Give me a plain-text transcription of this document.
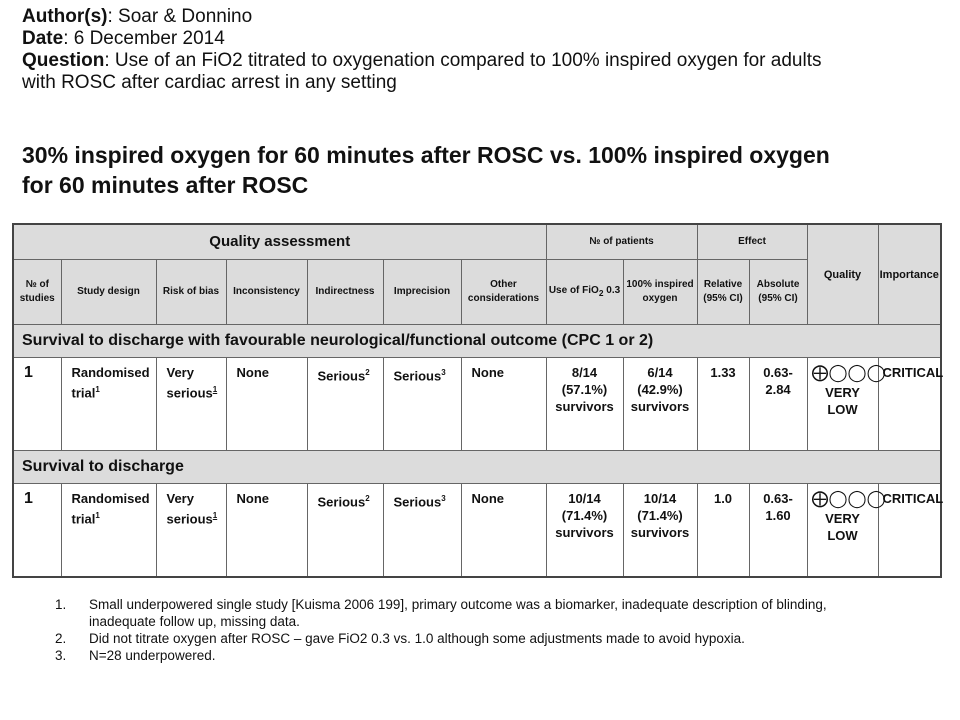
Author(s): Soar & Donnino
Date: 6 December 2014
Question: Use of an FiO2 titrated to oxygenation compared to 100% inspired oxygen for adults
with ROSC after cardiac arrest in any setting
30% inspired oxygen for 60 minutes after ROSC vs. 100% inspired oxygen
for 60 minutes after ROSC
Quality assessment							№ of patients		Effect		Quality	Importance
№ of studies	Study design	Risk of bias	Inconsistency	Indirectness	Imprecision	Other considerations	Use of FiO$_2$ 0.3	100% inspired oxygen	Relative (95% CI)	Absolute (95% CI)		
Survival to discharge with favourable neurological/functional outcome (CPC 1 or 2)												
1	Randomised trial$^1$	Very serious$^1$	None	Serious$^2$	Serious$^3$	None	8/14 (57.1%) survivors	6/14 (42.9%) survivors	1.33	0.63- 2.84	⨁◯◯◯
VERY LOW	CRITICAL
Survival to discharge												
1	Randomised trial$^1$	Very serious$^1$	None	Serious$^2$	Serious$^3$	None	10/14 (71.4%) survivors	10/14 (71.4%) survivors	1.0	0.63- 1.60	⨁◯◯◯
VERY LOW	CRITICAL
1.	Small underpowered single study [Kuisma 2006 199], primary outcome was a biomarker, inadequate description of blinding, inadequate follow up, missing data.
2.	Did not titrate oxygen after ROSC – gave FiO2 0.3 vs. 1.0 although some adjustments made to avoid hypoxia.
3.	N=28 underpowered.
